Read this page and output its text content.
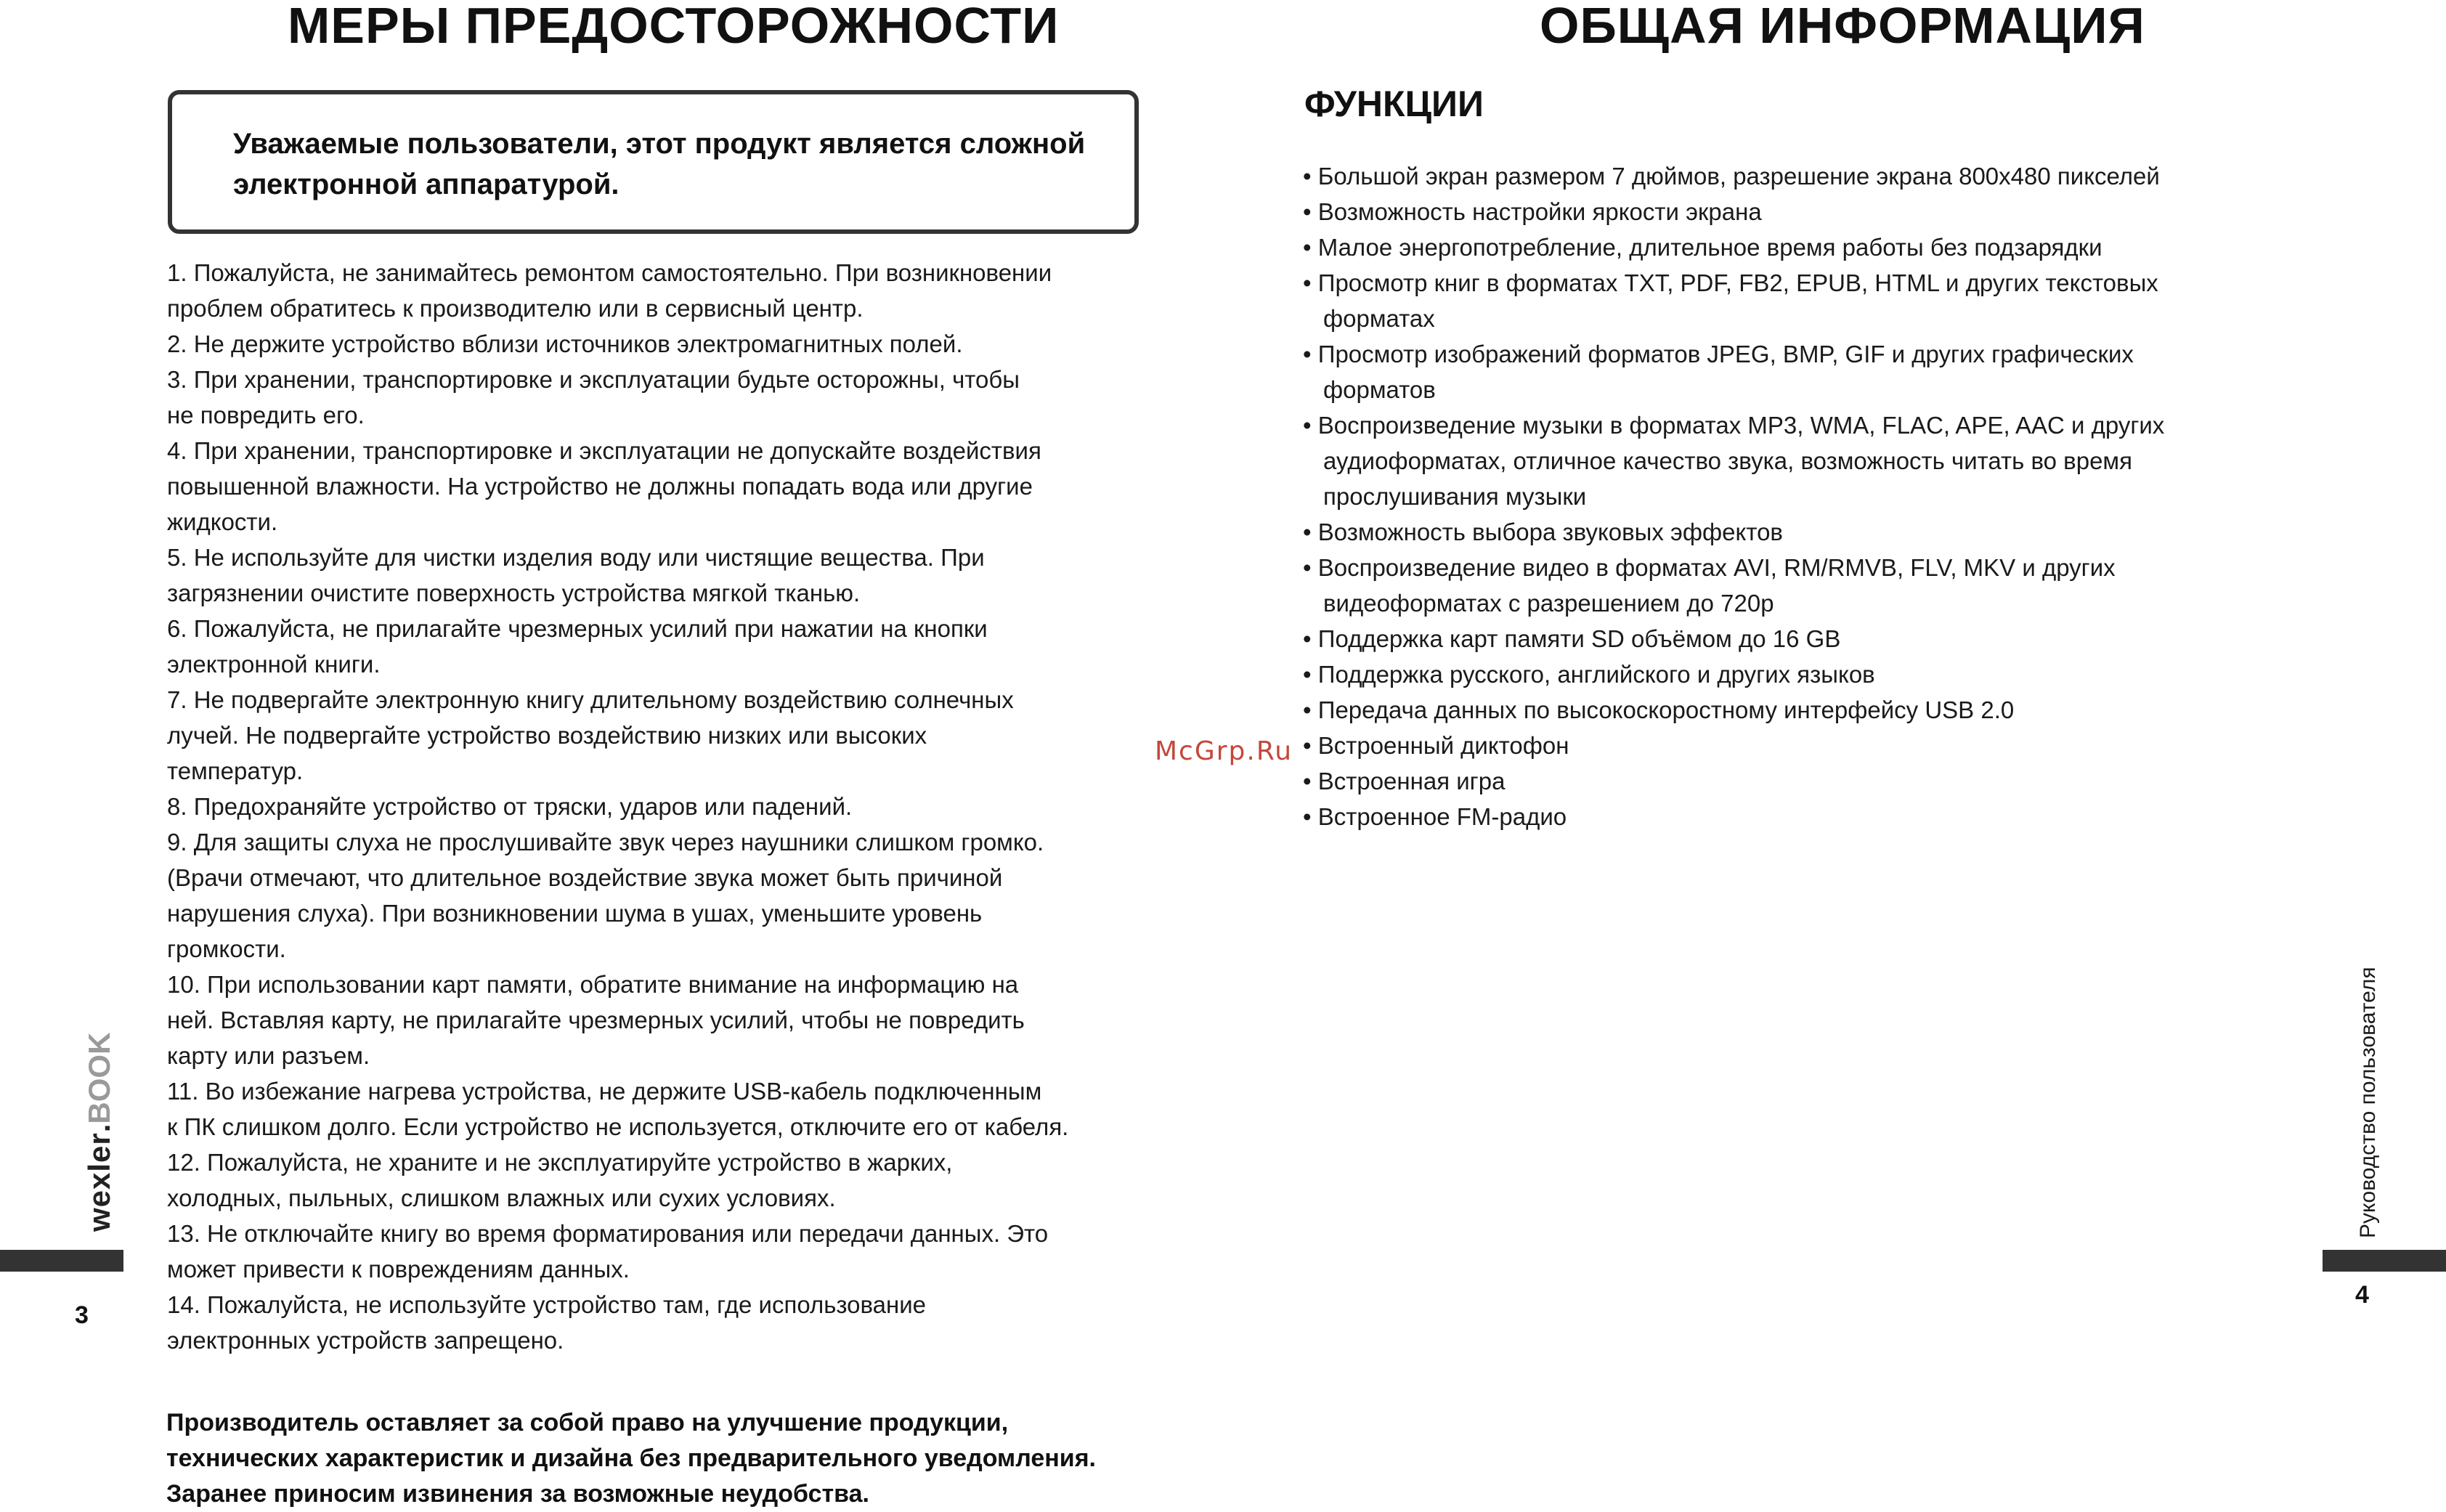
МЕРЫ ПРЕДОСТОРОЖНОСТИ
Уважаемые пользователи, этот продукт является сложной
электронной аппаратурой.
1. Пожалуйста, не занимайтесь ремонтом самостоятельно. При возникновении
проблем обратитесь к производителю или в сервисный центр.
2. Не держите устройство вблизи источников электромагнитных полей.
3. При хранении, транспортировке и эксплуатации будьте осторожны, чтобы
не повредить его.
4. При хранении, транспортировке и эксплуатации не допускайте воздействия
повышенной влажности. На устройство не должны попадать вода или другие
жидкости.
5. Не используйте для чистки изделия воду или чистящие вещества. При
загрязнении очистите поверхность устройства мягкой тканью.
6. Пожалуйста, не прилагайте чрезмерных усилий при нажатии на кнопки
электронной книги.
7. Не подвергайте электронную книгу длительному воздействию солнечных
лучей. Не подвергайте устройство воздействию низких или высоких
температур.
8. Предохраняйте устройство от тряски, ударов или падений.
9. Для защиты слуха не прослушивайте звук через наушники слишком громко.
(Врачи отмечают, что длительное воздействие звука может быть причиной
нарушения слуха). При возникновении шума в ушах, уменьшите уровень
громкости.
10. При использовании карт памяти, обратите внимание на информацию на
ней. Вставляя карту, не прилагайте чрезмерных усилий, чтобы не повредить
карту или разъем.
11. Во избежание нагрева устройства, не держите USB-кабель подключенным
к ПК слишком долго. Если устройство не используется, отключите его от кабеля.
12. Пожалуйста, не храните и не эксплуатируйте устройство в жарких,
холодных, пыльных, слишком влажных или сухих условиях.
13. Не отключайте книгу во время форматирования или передачи данных. Это
может привести к повреждениям данных.
14. Пожалуйста, не используйте устройство там, где использование
электронных устройств запрещено.
Производитель оставляет за собой право на улучшение продукции,
технических характеристик и дизайна без предварительного уведомления.
Заранее приносим извинения за возможные неудобства.
3
wexler.BOOK
McGrp.Ru
ОБЩАЯ ИНФОРМАЦИЯ
ФУНКЦИИ
• Большой экран размером 7 дюймов, разрешение экрана 800x480 пикселей
• Возможность настройки яркости экрана
• Малое энергопотребление, длительное время работы без подзарядки
• Просмотр книг в форматах TXT, PDF, FB2, EPUB, HTML и других текстовых
форматах
• Просмотр изображений форматов JPEG, BMP, GIF и других графических
форматов
• Воспроизведение музыки в форматах MP3, WMA, FLAC, APE, AAC и других
аудиоформатах, отличное качество звука, возможность читать во время
прослушивания музыки
• Возможность выбора звуковых эффектов
• Воспроизведение видео в форматах AVI, RM/RMVB, FLV, MKV и других
видеоформатах с разрешением до 720p
• Поддержка карт памяти SD объёмом до 16 GB
• Поддержка русского, английского и других языков
• Передача данных по высокоскоростному интерфейсу USB 2.0
• Встроенный диктофон
• Встроенная игра
• Встроенное FM-радио
Руководство пользователя
4
